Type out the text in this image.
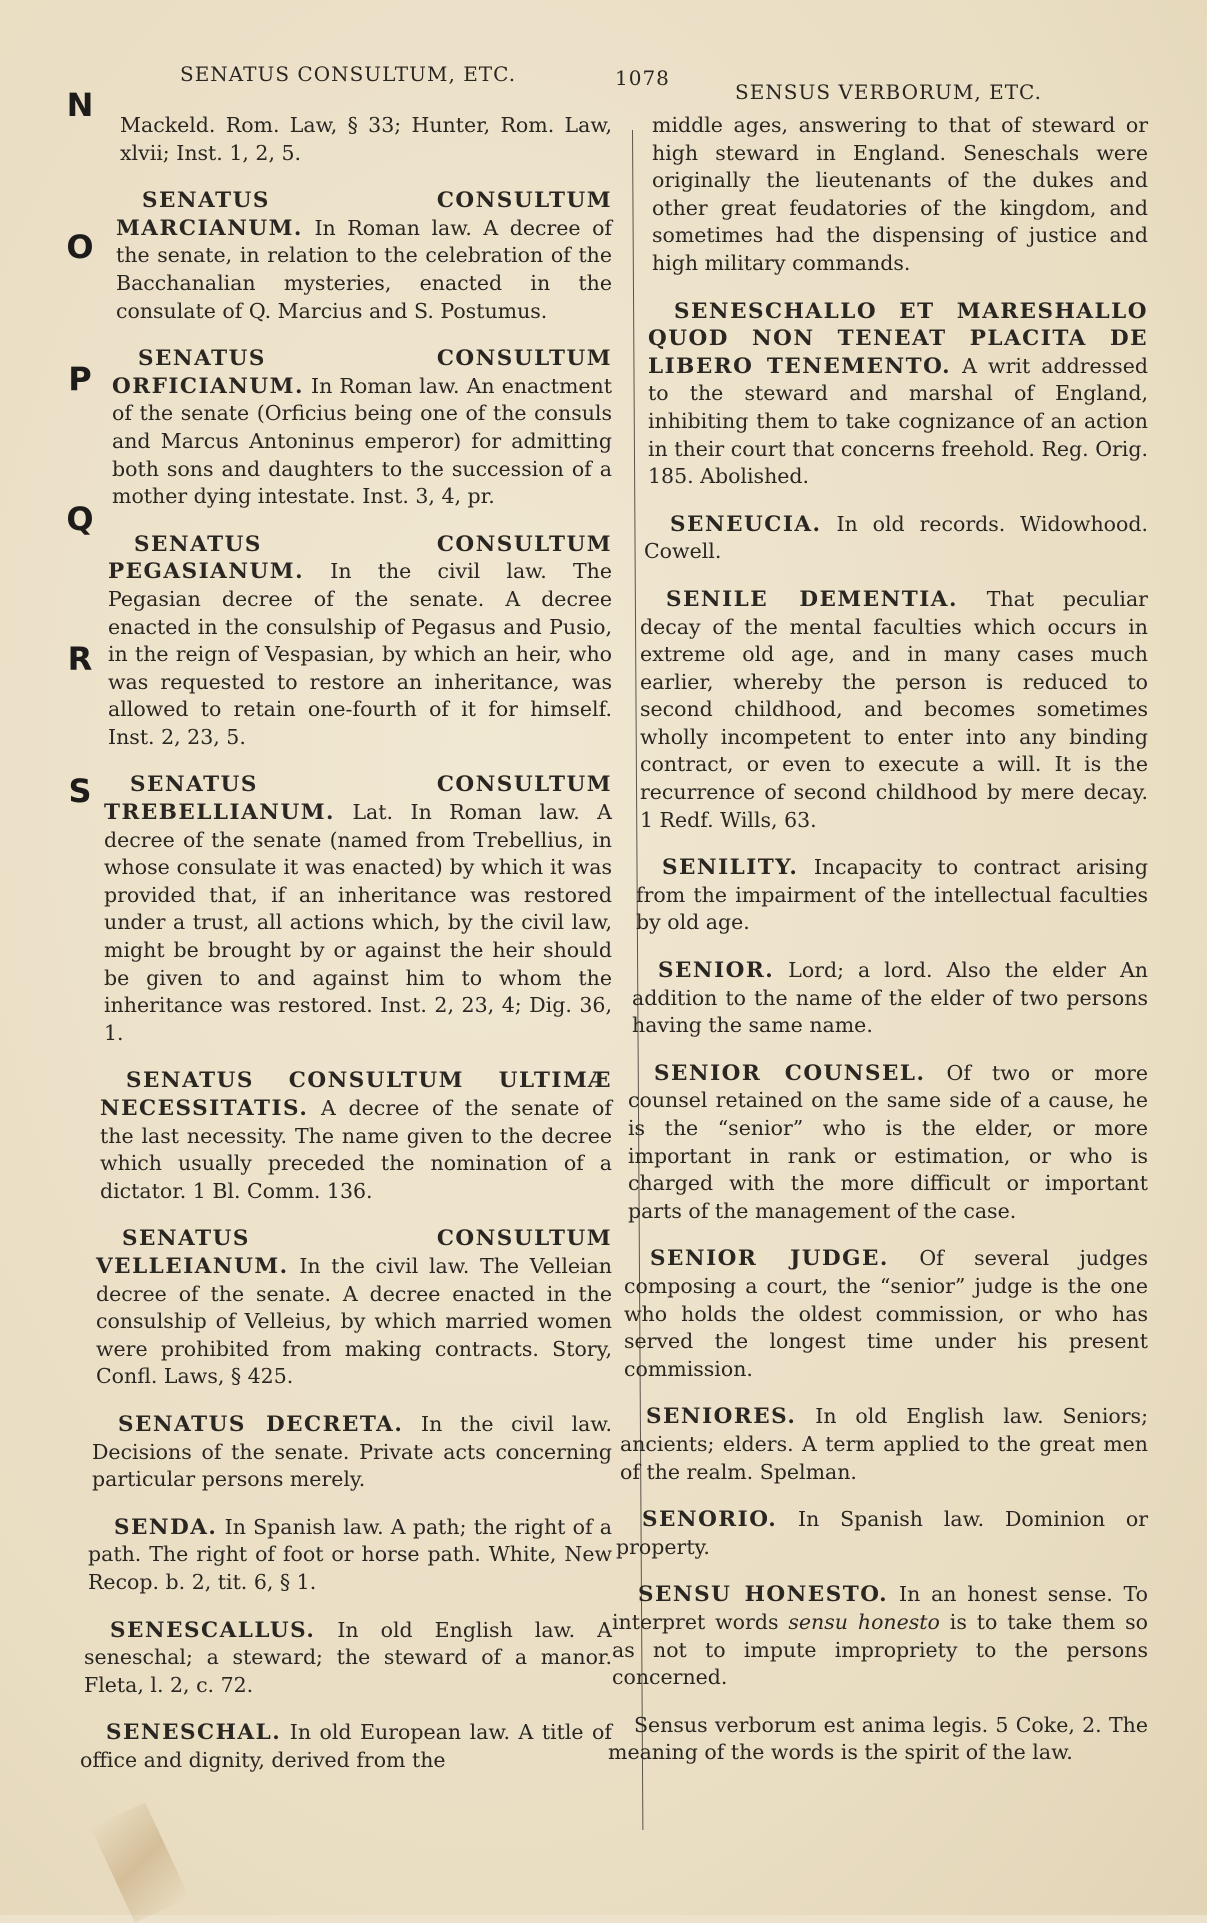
SENATUS CONSULTUM, ETC.	1078
SENSUS VERBORUM, ETC.
N
O
P
Q
R
S

Mackeld. Rom. Law, § 33; Hunter, Rom. Law, xlvii; Inst. 1, 2, 5.

SENATUS CONSULTUM MARCIANUM. In Roman law. A decree of the senate, in relation to the celebration of the Bacchanalian mysteries, enacted in the consulate of Q. Marcius and S. Postumus.

SENATUS CONSULTUM ORFICIANUM. In Roman law. An enactment of the senate (Orficius being one of the consuls and Marcus Antoninus emperor) for admitting both sons and daughters to the succession of a mother dying intestate. Inst. 3, 4, pr.

SENATUS CONSULTUM PEGASIANUM. In the civil law. The Pegasian decree of the senate. A decree enacted in the consulship of Pegasus and Pusio, in the reign of Vespasian, by which an heir, who was requested to restore an inheritance, was allowed to retain one-fourth of it for himself. Inst. 2, 23, 5.

SENATUS CONSULTUM TREBELLIANUM. Lat. In Roman law. A decree of the senate (named from Trebellius, in whose consulate it was enacted) by which it was provided that, if an inheritance was restored under a trust, all actions which, by the civil law, might be brought by or against the heir should be given to and against him to whom the inheritance was restored. Inst. 2, 23, 4; Dig. 36, 1.

SENATUS CONSULTUM ULTIMÆ NECESSITATIS. A decree of the senate of the last necessity. The name given to the decree which usually preceded the nomination of a dictator. 1 Bl. Comm. 136.

SENATUS CONSULTUM VELLEIANUM. In the civil law. The Velleian decree of the senate. A decree enacted in the consulship of Velleius, by which married women were prohibited from making contracts. Story, Confl. Laws, § 425.

SENATUS DECRETA. In the civil law. Decisions of the senate. Private acts concerning particular persons merely.

SENDA. In Spanish law. A path; the right of a path. The right of foot or horse path. White, New Recop. b. 2, tit. 6, § 1.

SENESCALLUS. In old English law. A seneschal; a steward; the steward of a manor. Fleta, l. 2, c. 72.

SENESCHAL. In old European law. A title of office and dignity, derived from the

middle ages, answering to that of steward or high steward in England. Seneschals were originally the lieutenants of the dukes and other great feudatories of the kingdom, and sometimes had the dispensing of justice and high military commands.

SENESCHALLO ET MARESHALLO QUOD NON TENEAT PLACITA DE LIBERO TENEMENTO. A writ addressed to the steward and marshal of England, inhibiting them to take cognizance of an action in their court that concerns freehold. Reg. Orig. 185. Abolished.

SENEUCIA. In old records. Widowhood. Cowell.

SENILE DEMENTIA. That peculiar decay of the mental faculties which occurs in extreme old age, and in many cases much earlier, whereby the person is reduced to second childhood, and becomes sometimes wholly incompetent to enter into any binding contract, or even to execute a will. It is the recurrence of second childhood by mere decay. 1 Redf. Wills, 63.

SENILITY. Incapacity to contract arising from the impairment of the intellectual faculties by old age.

SENIOR. Lord; a lord. Also the elder An addition to the name of the elder of two persons having the same name.

SENIOR COUNSEL. Of two or more counsel retained on the same side of a cause, he is the “senior” who is the elder, or more important in rank or estimation, or who is charged with the more difficult or important parts of the management of the case.

SENIOR JUDGE. Of several judges composing a court, the “senior” judge is the one who holds the oldest commission, or who has served the longest time under his present commission.

SENIORES. In old English law. Seniors; ancients; elders. A term applied to the great men of the realm. Spelman.

SENORIO. In Spanish law. Dominion or property.

SENSU HONESTO. In an honest sense. To interpret words sensu honesto is to take them so as not to impute impropriety to the persons concerned.

Sensus verborum est anima legis. 5 Coke, 2. The meaning of the words is the spirit of the law.
